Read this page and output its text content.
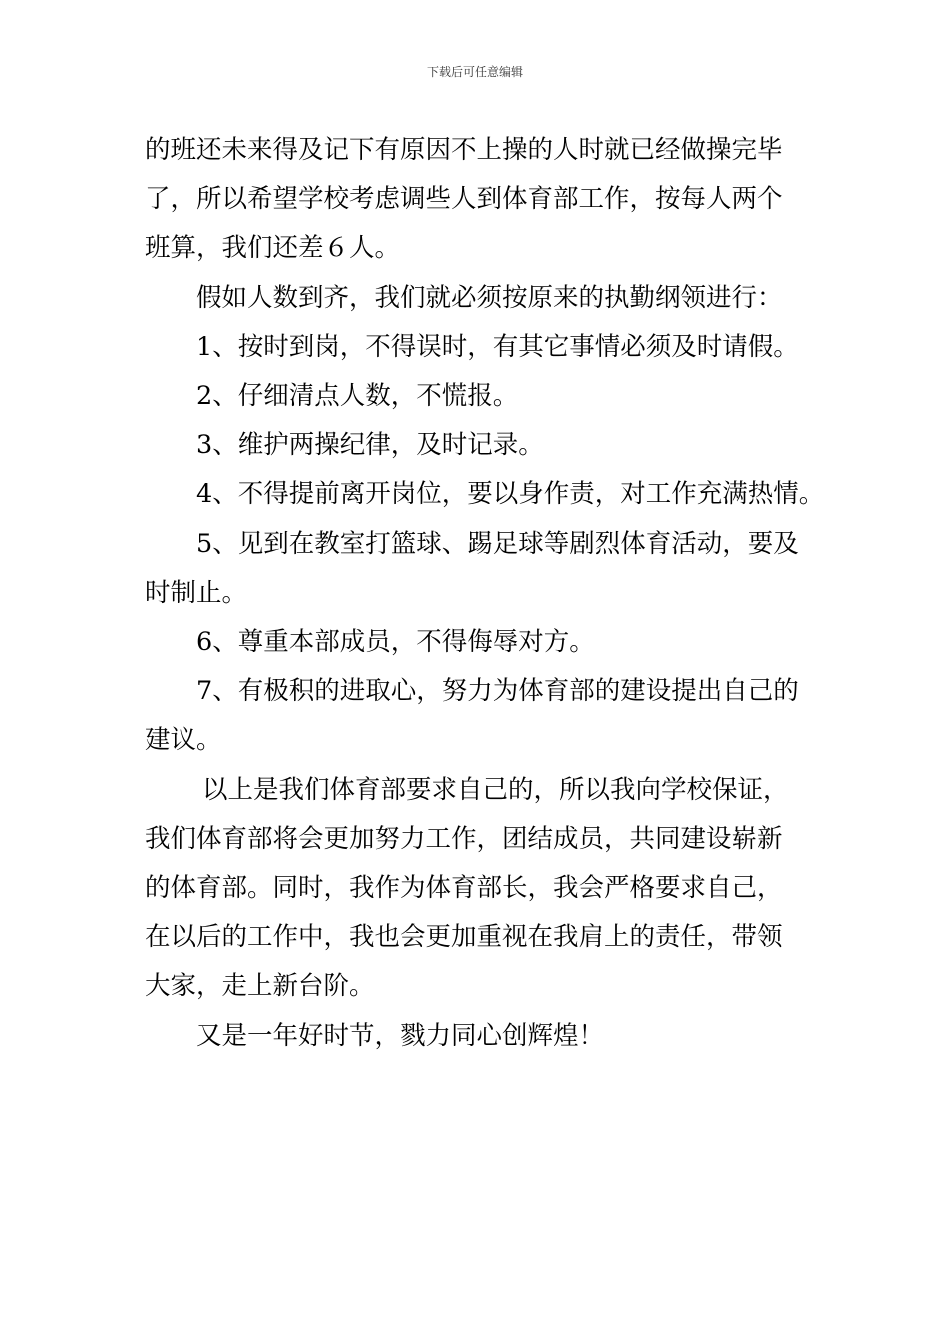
下载后可任意编辑

的班还未来得及记下有原因不上操的人时就已经做操完毕

了，所以希望学校考虑调些人到体育部工作，按每人两个

班算，我们还差６人。

假如人数到齐，我们就必须按原来的执勤纲领进行：

1、按时到岗，不得误时，有其它事情必须及时请假。

2、仔细清点人数，不慌报。

3、维护两操纪律，及时记录。

4、不得提前离开岗位，要以身作责，对工作充满热情。

5、见到在教室打篮球、踢足球等剧烈体育活动，要及

时制止。

6、尊重本部成员，不得侮辱对方。

7、有极积的进取心，努力为体育部的建设提出自己的

建议。

以上是我们体育部要求自己的，所以我向学校保证，

我们体育部将会更加努力工作，团结成员，共同建设崭新

的体育部。同时，我作为体育部长，我会严格要求自己，

在以后的工作中，我也会更加重视在我肩上的责任，带领

大家，走上新台阶。

又是一年好时节，戮力同心创辉煌！
